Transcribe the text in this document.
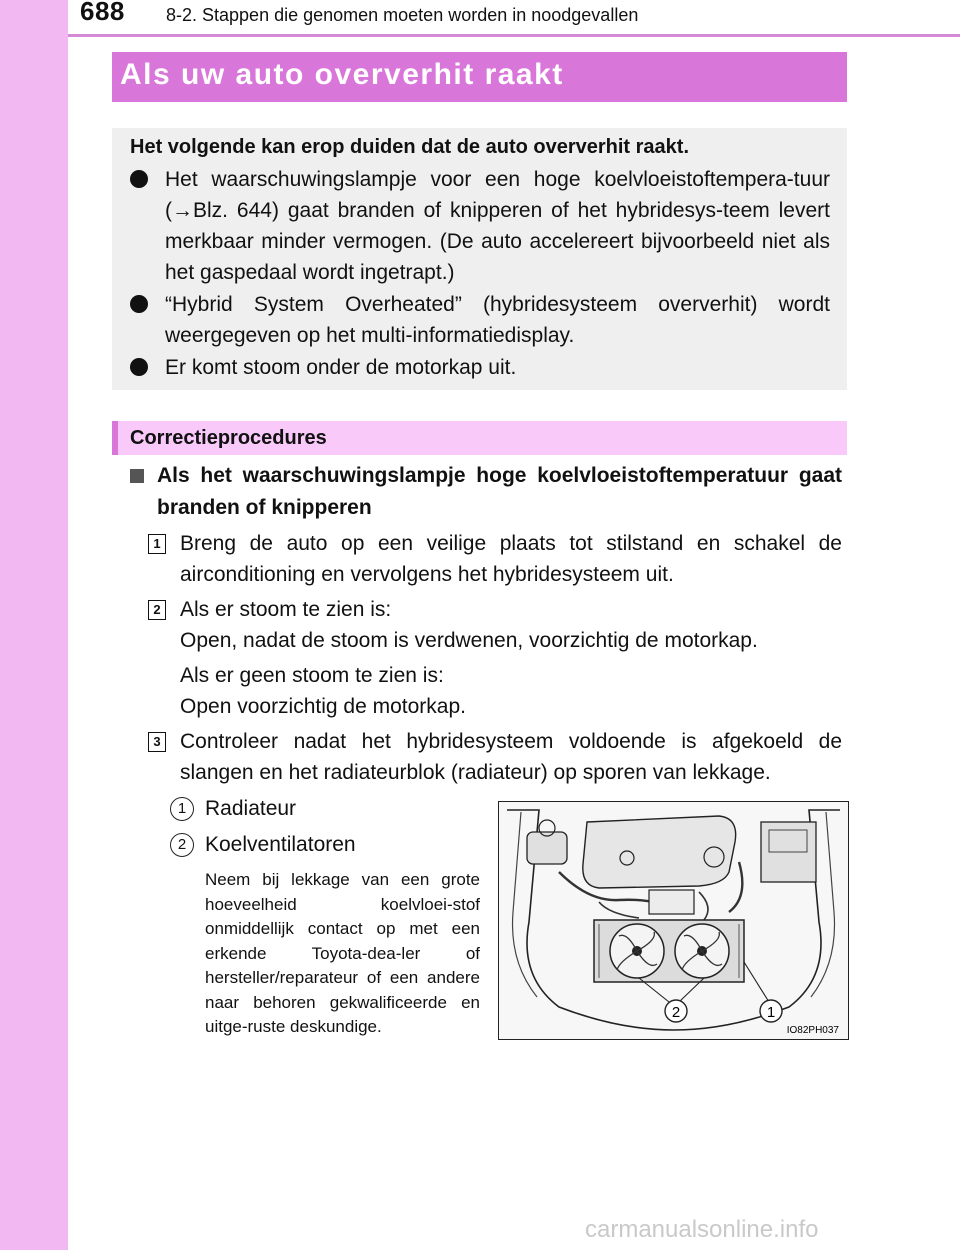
688 8-2. Stappen die genomen moeten worden in noodgevallen
Als uw auto oververhit raakt
Het volgende kan erop duiden dat de auto oververhit raakt.
Het waarschuwingslampje voor een hoge koelvloeistoftempera-tuur (→Blz. 644) gaat branden of knipperen of het hybridesys-teem levert merkbaar minder vermogen. (De auto accelereert bijvoorbeeld niet als het gaspedaal wordt ingetrapt.)
“Hybrid System Overheated” (hybridesysteem oververhit) wordt weergegeven op het multi-informatiedisplay.
Er komt stoom onder de motorkap uit.
Correctieprocedures
Als het waarschuwingslampje hoge koelvloeistoftemperatuur gaat branden of knipperen
1 Breng de auto op een veilige plaats tot stilstand en schakel de airconditioning en vervolgens het hybridesysteem uit.
2 Als er stoom te zien is:
Open, nadat de stoom is verdwenen, voorzichtig de motorkap.
Als er geen stoom te zien is:
Open voorzichtig de motorkap.
3 Controleer nadat het hybridesysteem voldoende is afgekoeld de slangen en het radiateurblok (radiateur) op sporen van lekkage.
1 Radiateur
2 Koelventilatoren
Neem bij lekkage van een grote hoeveelheid koelvloei-stof onmiddellijk contact op met een erkende Toyota-dea-ler of hersteller/reparateur of een andere naar behoren gekwalificeerde en uitge-ruste deskundige.
2	1
IO82PH037
carmanualsonline.info
